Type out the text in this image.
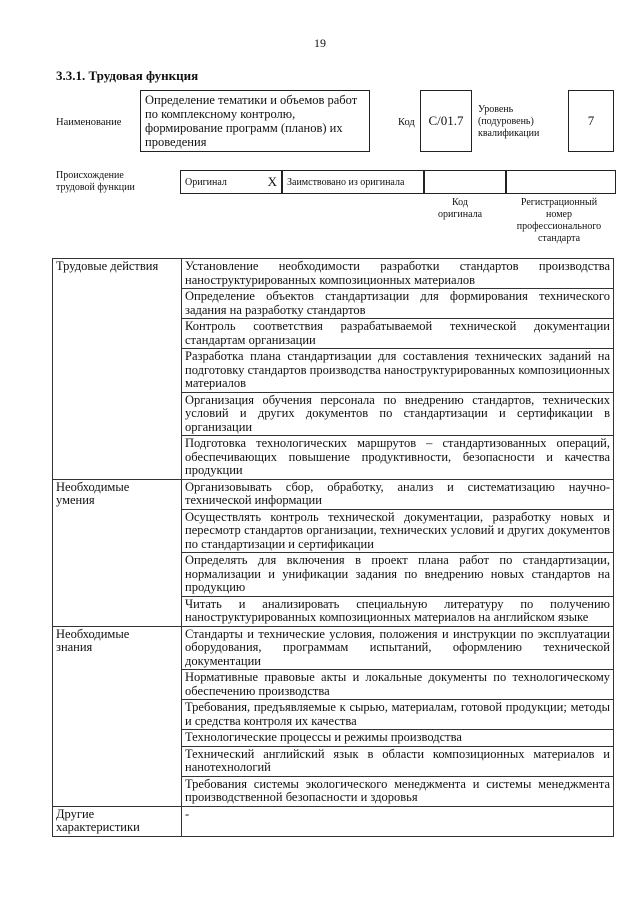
19
3.3.1. Трудовая функция
Наименование
Определение тематики и объемов работ по комплексному контролю, формирование программ (планов) их проведения
Код	C/01.7
Уровень
(подуровень)
квалификации
7
Происхождение
трудовой функции	Оригинал	X	Заимствовано из оригинала
Код
оригинала
Регистрационный
номер
профессионального
стандарта
Трудовые действия	Установление необходимости разработки стандартов производства наноструктурированных композиционных материалов
	Определение объектов стандартизации для формирования технического задания на разработку стандартов
	Контроль соответствия разрабатываемой технической документации стандартам организации
	Разработка плана стандартизации для составления технических заданий на подготовку стандартов производства наноструктурированных композиционных материалов
	Организация обучения персонала по внедрению стандартов, технических условий и других документов по стандартизации и сертификации в организации
	Подготовка технологических маршрутов – стандартизованных операций, обеспечивающих повышение продуктивности, безопасности и качества продукции

Необходимые
умения	Организовывать сбор, обработку, анализ и систематизацию научно-технической информации
	Осуществлять контроль технической документации, разработку новых и пересмотр стандартов организации, технических условий и других документов по стандартизации и сертификации
	Определять для включения в проект плана работ по стандартизации, нормализации и унификации задания по внедрению новых стандартов на продукцию
	Читать и анализировать специальную литературу по получению наноструктурированных композиционных материалов на английском языке

Необходимые
знания	Стандарты и технические условия, положения и инструкции по эксплуатации оборудования, программам испытаний, оформлению технической документации
	Нормативные правовые акты и локальные документы по технологическому обеспечению производства
	Требования, предъявляемые к сырью, материалам, готовой продукции; методы и средства контроля их качества
	Технологические процессы и режимы производства
	Технический английский язык в области композиционных материалов и нанотехнологий
	Требования системы экологического менеджмента и системы менеджмента производственной безопасности и здоровья

Другие
характеристики	-
